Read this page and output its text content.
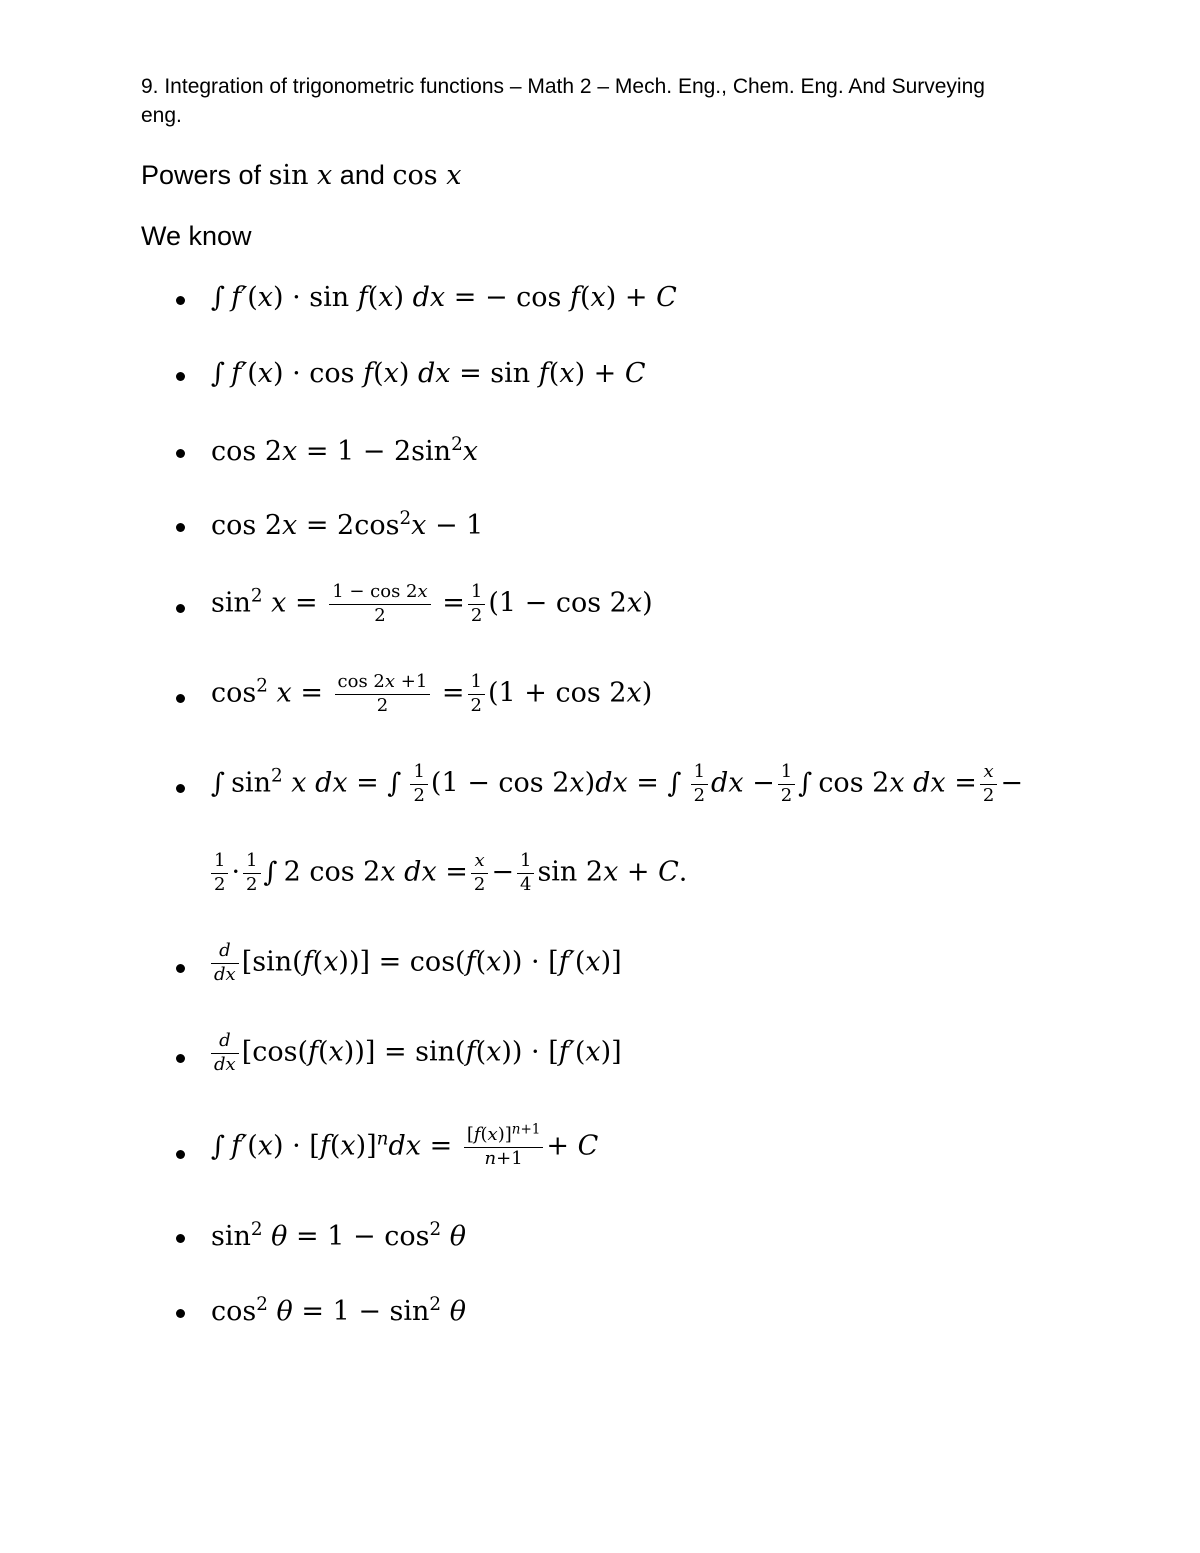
9. Integration of trigonometric functions – Math 2 – Mech. Eng., Chem. Eng. And Surveying
eng.
Powers of sin x and cos x
We know
∫ f′(x) · sin f(x) dx = − cos f(x) + C
∫ f′(x) · cos f(x) dx = sin f(x) + C
$\cos 2x = 1 - 2\sin^2x$
$\cos 2x = 2\cos^2x - 1$
$\sin^2 x = \frac{1 - \cos 2x}{2} = \frac{1}{2} (1 - \cos 2x)$
$\cos^2 x = \frac{\cos 2x +1}{2} = \frac{1}{2} (1 + \cos 2x)$
∫ $\sin^2 x$ dx = ∫ $\frac{1}{2} (1 - \cos 2x)dx$ = ∫ $\frac{1}{2}$ dx − $\frac{1}{2}$ ∫ cos 2x dx = $\frac{x}{2}$ −
$\frac{1}{2} \cdot \frac{1}{2}$ ∫ 2 cos 2x dx = $\frac{x}{2} - \frac{1}{4}$ sin 2x + C.
$\frac{d}{dx} [\sin(f(x))] = \cos(f(x)) \cdot [f'(x)]$
$\frac{d}{dx} [\cos(f(x))] = \sin(f(x)) \cdot [f'(x)]$
∫ $f'(x) \cdot [f(x)]^ndx = \frac{[f(x)]^{n+1}}{n+1} + C$
$\sin^2 \theta = 1 - \cos^2 \theta$
$\cos^2 \theta = 1 - \sin^2 \theta$
